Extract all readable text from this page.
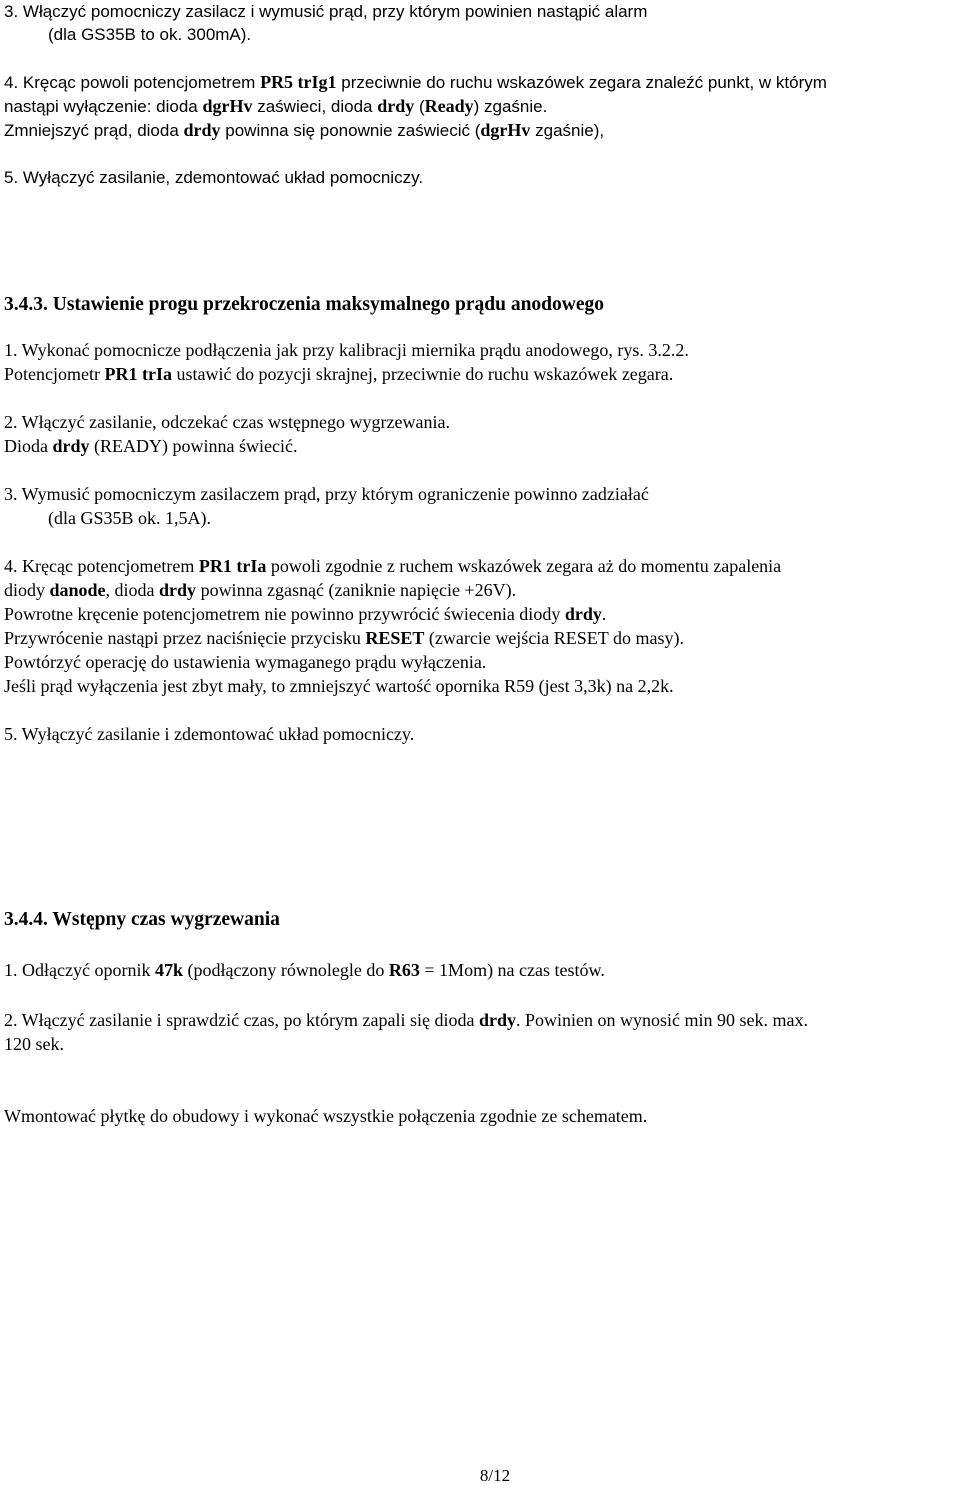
3. Włączyć pomocniczy zasilacz i wymusić prąd, przy którym powinien nastąpić alarm
(dla GS35B to ok. 300mA).
4. Kręcąc powoli potencjometrem PR5 trIg1 przeciwnie do ruchu wskazówek zegara znaleźć punkt, w którym
nastąpi wyłączenie: dioda dgrHv zaświeci, dioda drdy (Ready) zgaśnie.
Zmniejszyć prąd, dioda drdy powinna się ponownie zaświecić (dgrHv zgaśnie),
5. Wyłączyć zasilanie, zdemontować układ pomocniczy.
3.4.3. Ustawienie progu przekroczenia maksymalnego prądu anodowego
1. Wykonać pomocnicze podłączenia jak przy kalibracji miernika prądu anodowego, rys. 3.2.2.
Potencjometr PR1 trIa ustawić do pozycji skrajnej, przeciwnie do ruchu wskazówek zegara.
2. Włączyć zasilanie, odczekać czas wstępnego wygrzewania.
Dioda drdy (READY) powinna świecić.
3. Wymusić pomocniczym zasilaczem prąd, przy którym ograniczenie powinno zadziałać
(dla GS35B ok. 1,5A).
4. Kręcąc potencjometrem PR1 trIa powoli zgodnie z ruchem wskazówek zegara aż do momentu zapalenia
diody danode, dioda drdy powinna zgasnąć (zaniknie napięcie +26V).
Powrotne kręcenie potencjometrem nie powinno przywrócić świecenia diody drdy.
Przywrócenie nastąpi przez naciśnięcie przycisku RESET (zwarcie wejścia RESET do masy).
Powtórzyć operację do ustawienia wymaganego prądu wyłączenia.
Jeśli prąd wyłączenia jest zbyt mały, to zmniejszyć wartość opornika R59 (jest 3,3k) na 2,2k.
5. Wyłączyć zasilanie i zdemontować układ pomocniczy.
3.4.4. Wstępny czas wygrzewania
1. Odłączyć opornik 47k (podłączony równolegle do R63 = 1Mom) na czas testów.
2. Włączyć zasilanie i sprawdzić czas, po którym zapali się dioda drdy. Powinien on wynosić min 90 sek. max.
120 sek.
Wmontować płytkę do obudowy i wykonać wszystkie połączenia zgodnie ze schematem.
8/12
